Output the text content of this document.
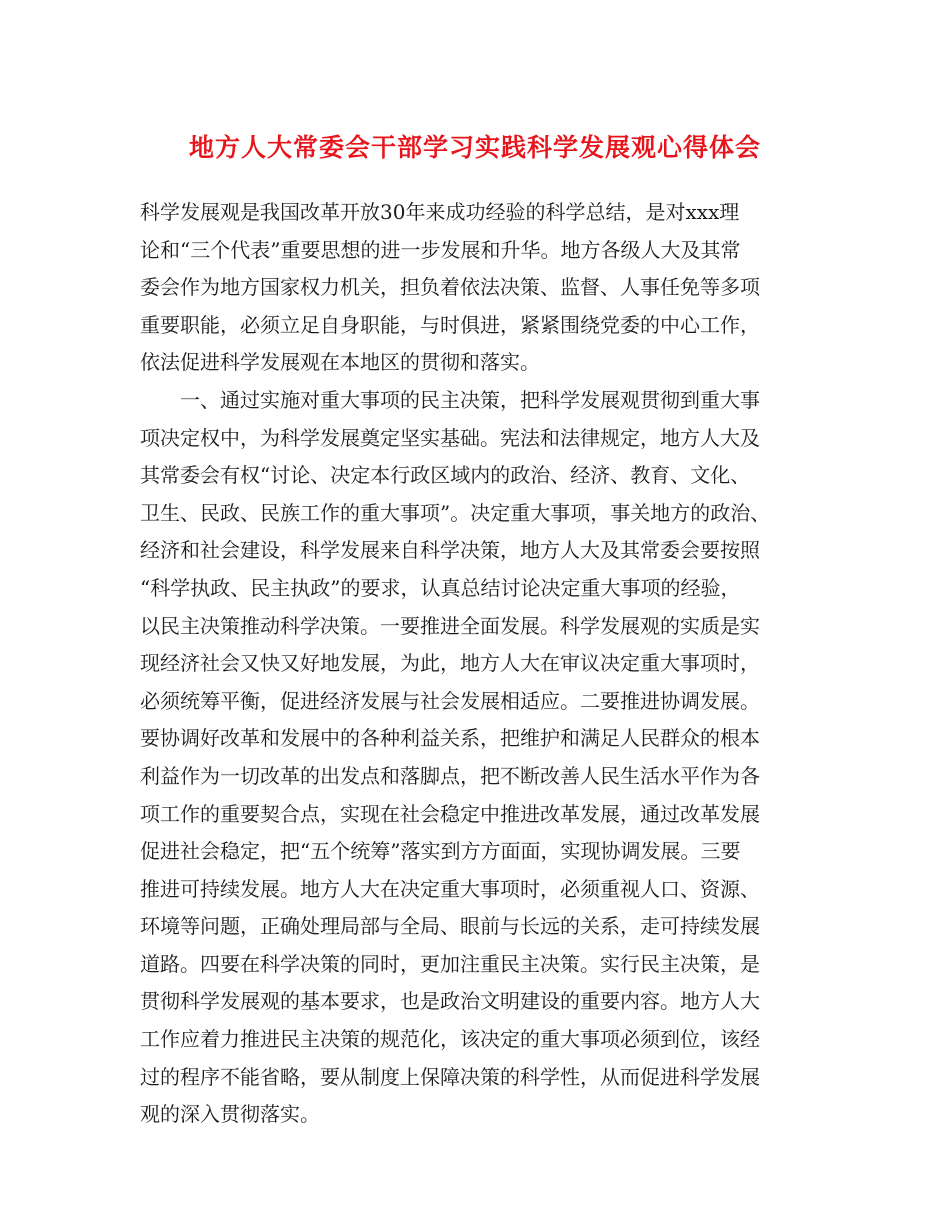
地方人大常委会干部学习实践科学发展观心得体会
科学发展观是我国改革开放30年来成功经验的科学总结，是对xxx理
论和“三个代表”重要思想的进一步发展和升华。地方各级人大及其常
委会作为地方国家权力机关，担负着依法决策、监督、人事任免等多项
重要职能，必须立足自身职能，与时俱进，紧紧围绕党委的中心工作，
依法促进科学发展观在本地区的贯彻和落实。
一、通过实施对重大事项的民主决策，把科学发展观贯彻到重大事
项决定权中，为科学发展奠定坚实基础。宪法和法律规定，地方人大及
其常委会有权“讨论、决定本行政区域内的政治、经济、教育、文化、
卫生、民政、民族工作的重大事项”。决定重大事项，事关地方的政治、
经济和社会建设，科学发展来自科学决策，地方人大及其常委会要按照
“科学执政、民主执政”的要求，认真总结讨论决定重大事项的经验，
以民主决策推动科学决策。一要推进全面发展。科学发展观的实质是实
现经济社会又快又好地发展，为此，地方人大在审议决定重大事项时，
必须统筹平衡，促进经济发展与社会发展相适应。二要推进协调发展。
要协调好改革和发展中的各种利益关系，把维护和满足人民群众的根本
利益作为一切改革的出发点和落脚点，把不断改善人民生活水平作为各
项工作的重要契合点，实现在社会稳定中推进改革发展，通过改革发展
促进社会稳定，把“五个统筹”落实到方方面面，实现协调发展。三要
推进可持续发展。地方人大在决定重大事项时，必须重视人口、资源、
环境等问题，正确处理局部与全局、眼前与长远的关系，走可持续发展
道路。四要在科学决策的同时，更加注重民主决策。实行民主决策，是
贯彻科学发展观的基本要求，也是政治文明建设的重要内容。地方人大
工作应着力推进民主决策的规范化，该决定的重大事项必须到位，该经
过的程序不能省略，要从制度上保障决策的科学性，从而促进科学发展
观的深入贯彻落实。
